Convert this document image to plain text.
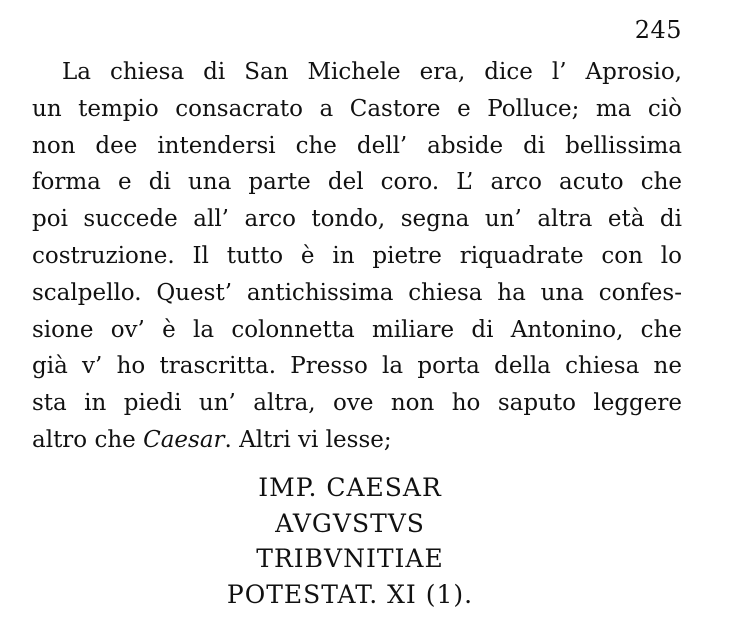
245
La chiesa di San Michele era, dice l’ Aprosio,
un tempio consacrato a Castore e Polluce; ma ciò
non dee intendersi che dell’ abside di bellissima
forma e di una parte del coro. L’ arco acuto che
poi succede all’ arco tondo, segna un’ altra età di
costruzione. Il tutto è in pietre riquadrate con lo
scalpello. Quest’ antichissima chiesa ha una confes-
sione ov’ è la colonnetta miliare di Antonino, che
già v’ ho trascritta. Presso la porta della chiesa ne
sta in piedi un’ altra, ove non ho saputo leggere
altro che Caesar. Altri vi lesse;
IMP. CAESAR
AVGVSTVS
TRIBVNITIAE
POTESTAT. XI (1).
